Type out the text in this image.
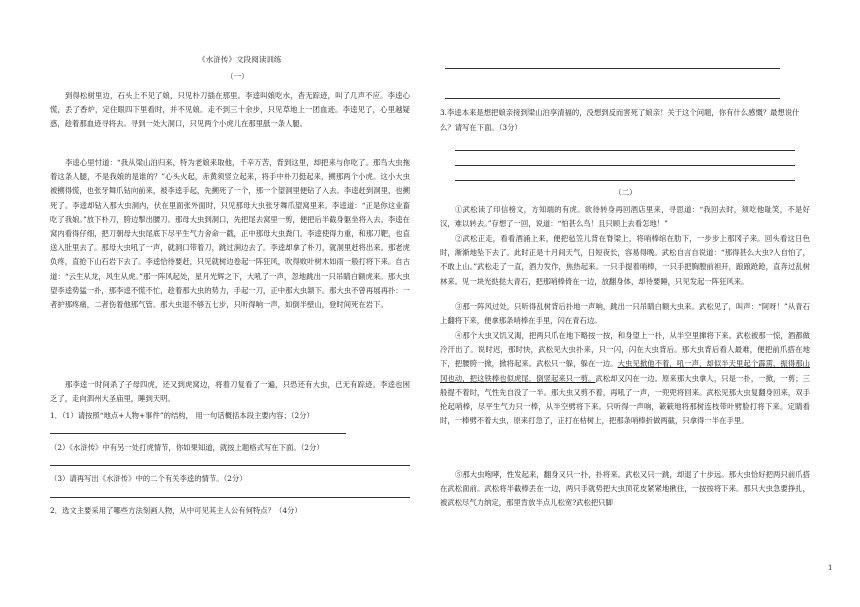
《水浒传》文段阅读训练
（一）

到得松树里边，石头上不见了娘，只见朴刀插在那里。李逵叫娘吃水，杳无踪迹，叫了几声不应。李逵心慌，丢了香炉，定住眼四下里看时，并不见娘。走不到三十余步，只见草地上一团血迹。李逵见了，心里越疑惑，趁着那血迹寻将去。寻到一处大洞口，只见两个小虎儿在那里舐一条人腿。

李逵心里忖道：“我从梁山泊归来，特为老娘来取他，千辛万苦，背到这里，却把来与你吃了。那鸟大虫拖着这条人腿，不是我娘的是谁的？”心头火起，赤黄须竖立起来，将手中朴刀挺起来，搠那两个小虎。这小大虫被搠得慌，也张牙舞爪钻向前来，被李逵手起，先搠死了一个，那一个望洞里便钻了入去。李逵赶到洞里，也搠死了。李逵却钻入那大虫洞内，伏在里面张外面时，只见那母大虫张牙舞爪望窝里来。李逵道：“正是你这业畜吃了我娘。”放下朴刀，胯边掣出腰刀。那母大虫到洞口，先把尾去窝里一剪，便把后半截身躯坐将入去。李逵在窝内看得仔细，把刀朝母大虫尾底下尽平生气力舍命一戳，正中那母大虫粪门。李逵使得力重，和那刀靶，也直送入肚里去了。那母大虫吼了一声，就洞口带着刀，跳过涧边去了。李逵却拿了朴刀，就洞里赶将出来。那老虎负疼，直抢下山石岩下去了。李逵恰待要赶，只见就树边卷起一阵狂风，吹得败叶树木如雨一般打将下来。自古道：“云生从龙，风生从虎。”那一阵风起处，星月光辉之下，大吼了一声，忽地跳出一只吊睛白额虎来。那大虫望李逵势猛一扑，那李逵不慌不忙，趁着那大虫的势力，手起一刀，正中那大虫颔下。那大虫不曾再展再扑：一者护那疼痛，二者伤着他那气管。那大虫退不够五七步，只听得响一声，如倒半壁山，登时间死在岩下。

那李逵一时间杀了子母四虎，还又到虎窝边，将着刀复看了一遍，只恐还有大虫，已无有踪迹。李逵也困乏了，走向泗州大圣庙里，睡到天明。

1．（1）请按照“地点+人物+事件”的结构， 用一句话概括本段主要内容；（2分）

（2）《水浒传》中有另一处打虎情节，你如果知道，就按上题格式写在下面。（2分）

（3）请再写出《水浒传》中的二个有关李逵的情节。（2分）

2．选文主要采用了哪些方法刻画人物，从中可见其主人公有何特点？（4分）

3.李逵本来是想把娘亲接到梁山泊享清福的，没想到反而害死了娘亲！关于这个问题，你有什么感慨？最想说什么？请写在下面。（3分）

（二）

①武松读了印信榜文，方知端的有虎。欲待转身再回酒店里来，寻思道：“我回去时，须吃他耻笑，不是好汉，难以转去。”存想了一回，说道：“怕甚么鸟！且只顾上去看怎地！”

②武松正走，看看酒涌上来，便把毡笠儿背在脊梁上，将哨棒绾在肋下，一步步上那冈子来。回头看这日色时，渐渐地坠下去了。此时正是十月间天气，日短夜长，容易得晚。武松自言自说道：“那得甚么大虫?人自怕了，不敢上山。”武松走了一直，酒力发作，焦热起来。一只手提着哨棒，一只手把胸膛前袒开，踉踉跄跄，直奔过乱树林来。见一块光挞挞大青石，把那哨棒倚在一边，放翻身体，却待要睡，只见发起一阵狂风来。

③那一阵风过处，只听得乱树背后扑地一声响，跳出一只吊睛白额大虫来。武松见了，叫声：“阿呀！”从青石上翻将下来，便拿那条哨棒在手里，闪在青石边。

④那个大虫又饥又渴，把两只爪在地下略按一按，和身望上一扑，从半空里撺将下来。武松被那一惊，酒都做冷汗出了。说时迟，那时快，武松见大虫扑来，只一闪，闪在大虫背后。那大虫背后看人最难，便把前爪搭在地下，把腰胯一掀，掀将起来。武松只一躲，躲在一边。大虫见掀他不着，吼一声，却似半天里起个霹雳，振得那山冈也动，把这铁棒也似虎尾，倒竖起来只一剪。武松却又闪在一边。原来那大虫拿人，只是一扑，一掀，一剪；三般提不着时，气性先自没了一半。那大虫又剪不着，再吼了一声，一兜兜将回来。武松见那大虫复翻身回来，双手抡起哨棒，尽平生气力只一棒，从半空劈将下来。只听得一声响，簌簌地将那树连枝带叶劈脸打将下来。定睛看时，一棒劈不着大虫，原来打急了，正打在枯树上，把那条哨棒折做两截，只拿得一半在手里。

⑤那大虫咆哮，性发起来，翻身又只一扑，扑将来。武松又只一跳，却退了十步远。那大虫恰好把两只前爪搭在武松面前。武松将半截棒丢在一边，两只手就势把大虫顶花皮紧紧地揪住，一按按将下来。那只大虫急要挣扎，被武松尽气力纳定，那里肯放半点儿松宽?武松把只脚

1
